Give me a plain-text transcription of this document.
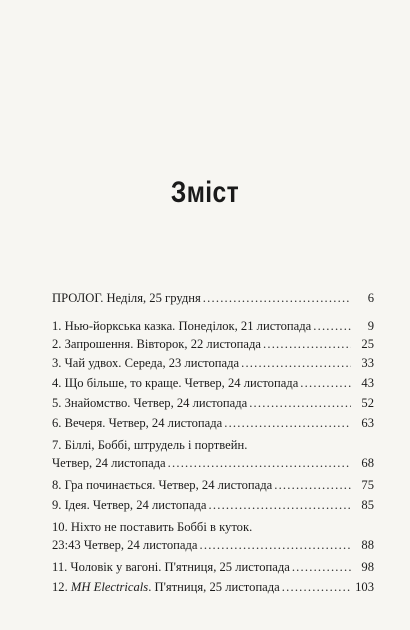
Зміст
ПРОЛОГ. Неділя, 25 грудня .....	6
1. Нью-йоркська казка. Понеділок, 21 листопада .....	9
2. Запрошення. Вівторок, 22 листопада .....	25
3. Чай удвох. Середа, 23 листопада .....	33
4. Що більше, то краще. Четвер, 24 листопада .....	43
5. Знайомство. Четвер, 24 листопада .....	52
6. Вечеря. Четвер, 24 листопада .....	63
7. Біллі, Боббі, штрудель і портвейн.
Четвер, 24 листопада .....	68
8. Гра починається. Четвер, 24 листопада .....	75
9. Ідея. Четвер, 24 листопада .....	85
10. Ніхто не поставить Боббі в куток.
23:43 Четвер, 24 листопада .....	88
11. Чоловік у вагоні. П'ятниця, 25 листопада .....	98
12. MH Electricals. П'ятниця, 25 листопада .....	103
